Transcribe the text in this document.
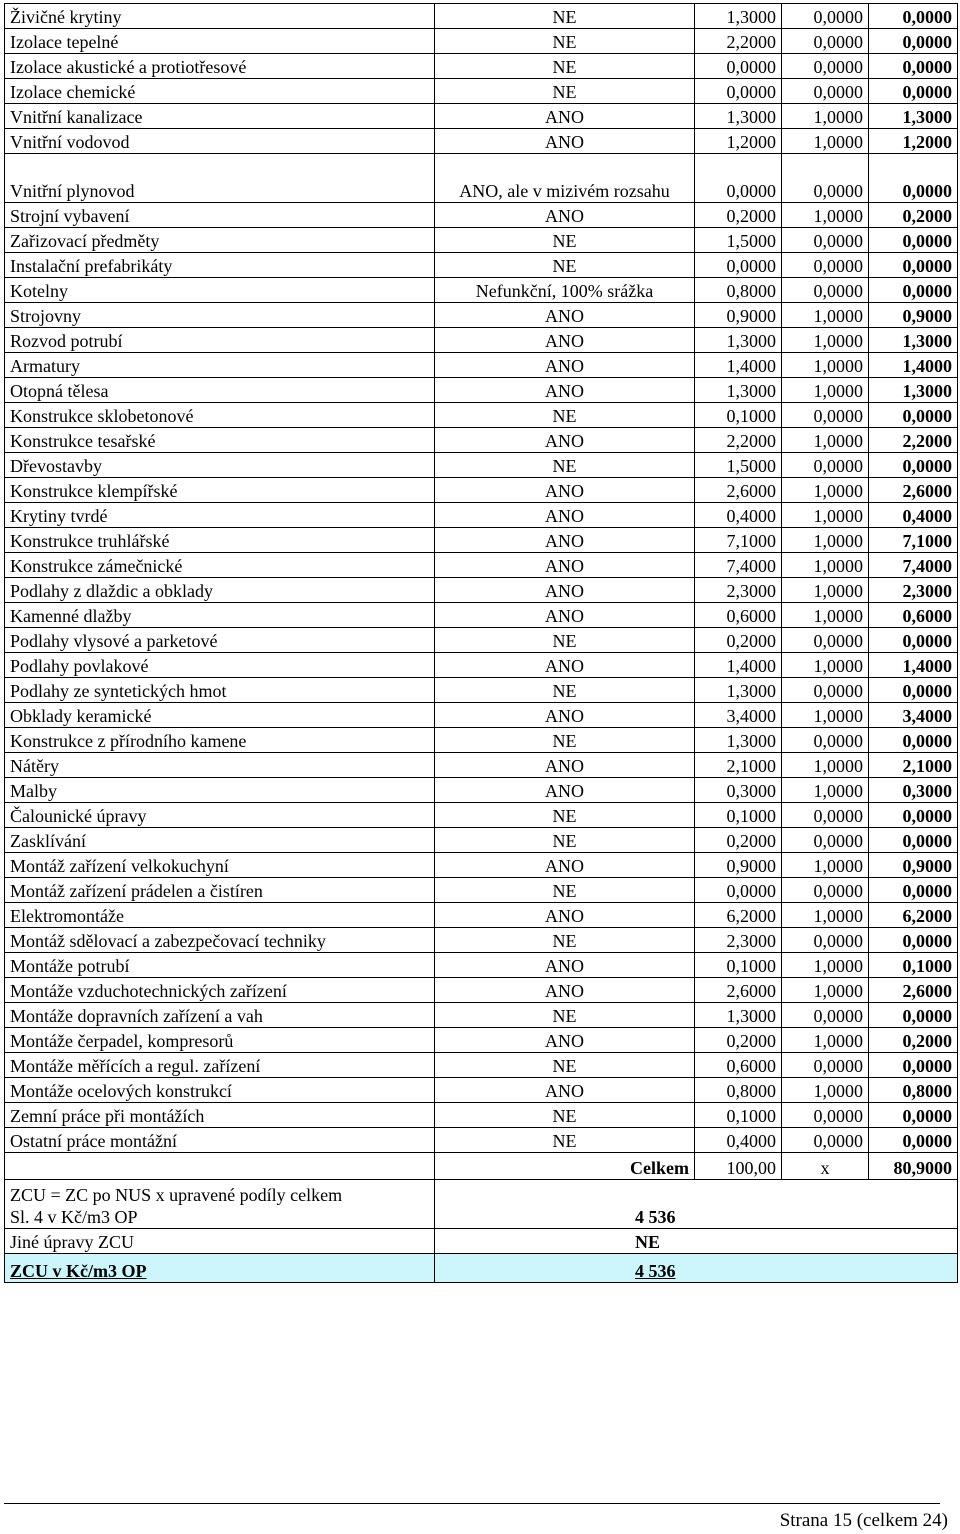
Živičné krytiny	NE	1,3000	0,0000	0,0000
Izolace tepelné	NE	2,2000	0,0000	0,0000
Izolace akustické a protiotřesové	NE	0,0000	0,0000	0,0000
Izolace chemické	NE	0,0000	0,0000	0,0000
Vnitřní kanalizace	ANO	1,3000	1,0000	1,3000
Vnitřní vodovod	ANO	1,2000	1,0000	1,2000
Vnitřní plynovod	ANO, ale v mizivém rozsahu	0,0000	0,0000	0,0000
Strojní vybavení	ANO	0,2000	1,0000	0,2000
Zařizovací předměty	NE	1,5000	0,0000	0,0000
Instalační prefabrikáty	NE	0,0000	0,0000	0,0000
Kotelny	Nefunkční, 100% srážka	0,8000	0,0000	0,0000
Strojovny	ANO	0,9000	1,0000	0,9000
Rozvod potrubí	ANO	1,3000	1,0000	1,3000
Armatury	ANO	1,4000	1,0000	1,4000
Otopná tělesa	ANO	1,3000	1,0000	1,3000
Konstrukce sklobetonové	NE	0,1000	0,0000	0,0000
Konstrukce tesařské	ANO	2,2000	1,0000	2,2000
Dřevostavby	NE	1,5000	0,0000	0,0000
Konstrukce klempířské	ANO	2,6000	1,0000	2,6000
Krytiny tvrdé	ANO	0,4000	1,0000	0,4000
Konstrukce truhlářské	ANO	7,1000	1,0000	7,1000
Konstrukce zámečnické	ANO	7,4000	1,0000	7,4000
Podlahy z dlaždic a obklady	ANO	2,3000	1,0000	2,3000
Kamenné dlažby	ANO	0,6000	1,0000	0,6000
Podlahy vlysové a parketové	NE	0,2000	0,0000	0,0000
Podlahy povlakové	ANO	1,4000	1,0000	1,4000
Podlahy ze syntetických hmot	NE	1,3000	0,0000	0,0000
Obklady keramické	ANO	3,4000	1,0000	3,4000
Konstrukce z přírodního kamene	NE	1,3000	0,0000	0,0000
Nátěry	ANO	2,1000	1,0000	2,1000
Malby	ANO	0,3000	1,0000	0,3000
Čalounické úpravy	NE	0,1000	0,0000	0,0000
Zasklívání	NE	0,2000	0,0000	0,0000
Montáž zařízení velkokuchyní	ANO	0,9000	1,0000	0,9000
Montáž zařízení prádelen a čistíren	NE	0,0000	0,0000	0,0000
Elektromontáže	ANO	6,2000	1,0000	6,2000
Montáž sdělovací a zabezpečovací techniky	NE	2,3000	0,0000	0,0000
Montáže potrubí	ANO	0,1000	1,0000	0,1000
Montáže vzduchotechnických zařízení	ANO	2,6000	1,0000	2,6000
Montáže dopravních zařízení a vah	NE	1,3000	0,0000	0,0000
Montáže čerpadel, kompresorů	ANO	0,2000	1,0000	0,2000
Montáže měřících a regul. zařízení	NE	0,6000	0,0000	0,0000
Montáže ocelových konstrukcí	ANO	0,8000	1,0000	0,8000
Zemní práce při montážích	NE	0,1000	0,0000	0,0000
Ostatní práce montážní	NE	0,4000	0,0000	0,0000
	Celkem	100,00	x	80,9000

ZCU = ZC po NUS x upravené podíly celkem
Sl. 4 v Kč/m3 OP	4 536			
Jiné úpravy ZCU	NE			
ZCU v Kč/m3 OP	4 536			
Strana 15 (celkem 24)
